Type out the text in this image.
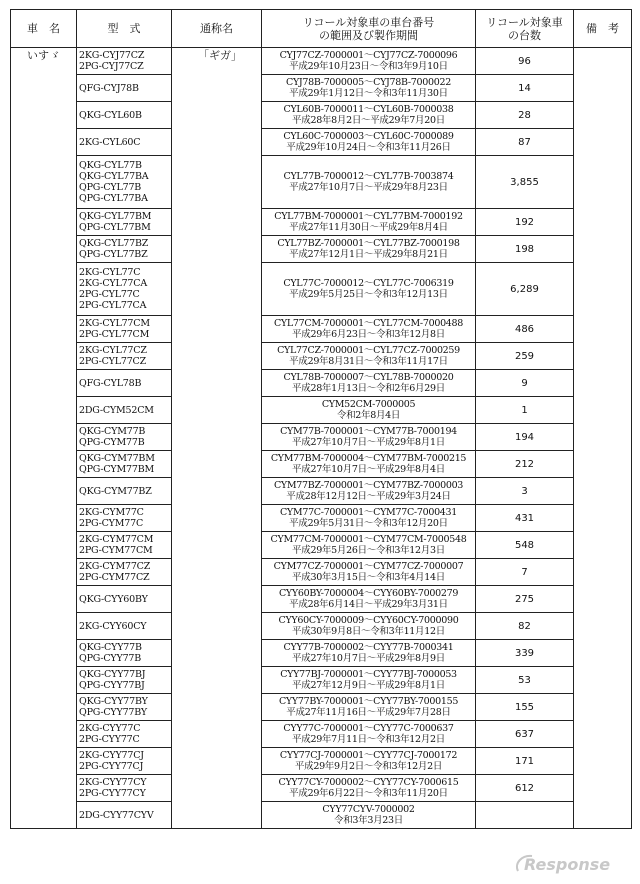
車　名	型　式	通称名	リコール対象車の車台番号
の範囲及び製作期間	リコール対象車
の台数	備　考
いすゞ	2KG-CYJ77CZ
2PG-CYJ77CZ	「ギガ」	CYJ77CZ-7000001～CYJ77CZ-7000096
平成29年10月23日～令和3年9月10日	96	
	QFG-CYJ78B		CYJ78B-7000005～CYJ78B-7000022
平成29年1月12日～令和3年11月30日	14	
	QKG-CYL60B		CYL60B-7000011～CYL60B-7000038
平成28年8月2日～平成29年7月20日	28	
	2KG-CYL60C		CYL60C-7000003～CYL60C-7000089
平成29年10月24日～令和3年11月26日	87	
	QKG-CYL77B
QKG-CYL77BA
QPG-CYL77B
QPG-CYL77BA		CYL77B-7000012～CYL77B-7003874
平成27年10月7日～平成29年8月23日	3,855	
	QKG-CYL77BM
QPG-CYL77BM		CYL77BM-7000001～CYL77BM-7000192
平成27年11月30日～平成29年8月4日	192	
	QKG-CYL77BZ
QPG-CYL77BZ		CYL77BZ-7000001～CYL77BZ-7000198
平成27年12月1日～平成29年8月21日	198	
	2KG-CYL77C
2KG-CYL77CA
2PG-CYL77C
2PG-CYL77CA		CYL77C-7000012～CYL77C-7006319
平成29年5月25日～令和3年12月13日	6,289	
	2KG-CYL77CM
2PG-CYL77CM		CYL77CM-7000001～CYL77CM-7000488
平成29年6月23日～令和3年12月8日	486	
	2KG-CYL77CZ
2PG-CYL77CZ		CYL77CZ-7000001～CYL77CZ-7000259
平成29年8月31日～令和3年11月17日	259	
	QFG-CYL78B		CYL78B-7000007～CYL78B-7000020
平成28年1月13日～令和2年6月29日	9	
	2DG-CYM52CM		CYM52CM-7000005
令和2年8月4日	1	
	QKG-CYM77B
QPG-CYM77B		CYM77B-7000001～CYM77B-7000194
平成27年10月7日～平成29年8月1日	194	
	QKG-CYM77BM
QPG-CYM77BM		CYM77BM-7000004～CYM77BM-7000215
平成27年10月7日～平成29年8月4日	212	
	QKG-CYM77BZ		CYM77BZ-7000001～CYM77BZ-7000003
平成28年12月12日～平成29年3月24日	3	
	2KG-CYM77C
2PG-CYM77C		CYM77C-7000001～CYM77C-7000431
平成29年5月31日～令和3年12月20日	431	
	2KG-CYM77CM
2PG-CYM77CM		CYM77CM-7000001～CYM77CM-7000548
平成29年5月26日～令和3年12月3日	548	
	2KG-CYM77CZ
2PG-CYM77CZ		CYM77CZ-7000001～CYM77CZ-7000007
平成30年3月15日～令和3年4月14日	7	
	QKG-CYY60BY		CYY60BY-7000004～CYY60BY-7000279
平成28年6月14日～平成29年3月31日	275	
	2KG-CYY60CY		CYY60CY-7000009～CYY60CY-7000090
平成30年9月8日～令和3年11月12日	82	
	QKG-CYY77B
QPG-CYY77B		CYY77B-7000002～CYY77B-7000341
平成27年10月7日～平成29年8月9日	339	
	QKG-CYY77BJ
QPG-CYY77BJ		CYY77BJ-7000001～CYY77BJ-7000053
平成27年12月9日～平成29年8月1日	53	
	QKG-CYY77BY
QPG-CYY77BY		CYY77BY-7000001～CYY77BY-7000155
平成27年11月16日～平成29年7月28日	155	
	2KG-CYY77C
2PG-CYY77C		CYY77C-7000001～CYY77C-7000637
平成29年7月11日～令和3年12月2日	637	
	2KG-CYY77CJ
2PG-CYY77CJ		CYY77CJ-7000001～CYY77CJ-7000172
平成29年9月2日～令和3年12月2日	171	
	2KG-CYY77CY
2PG-CYY77CY		CYY77CY-7000002～CYY77CY-7000615
平成29年6月22日～令和3年11月20日	612	
	2DG-CYY77CYV		CYY77CYV-7000002
令和3年3月23日		
Response
